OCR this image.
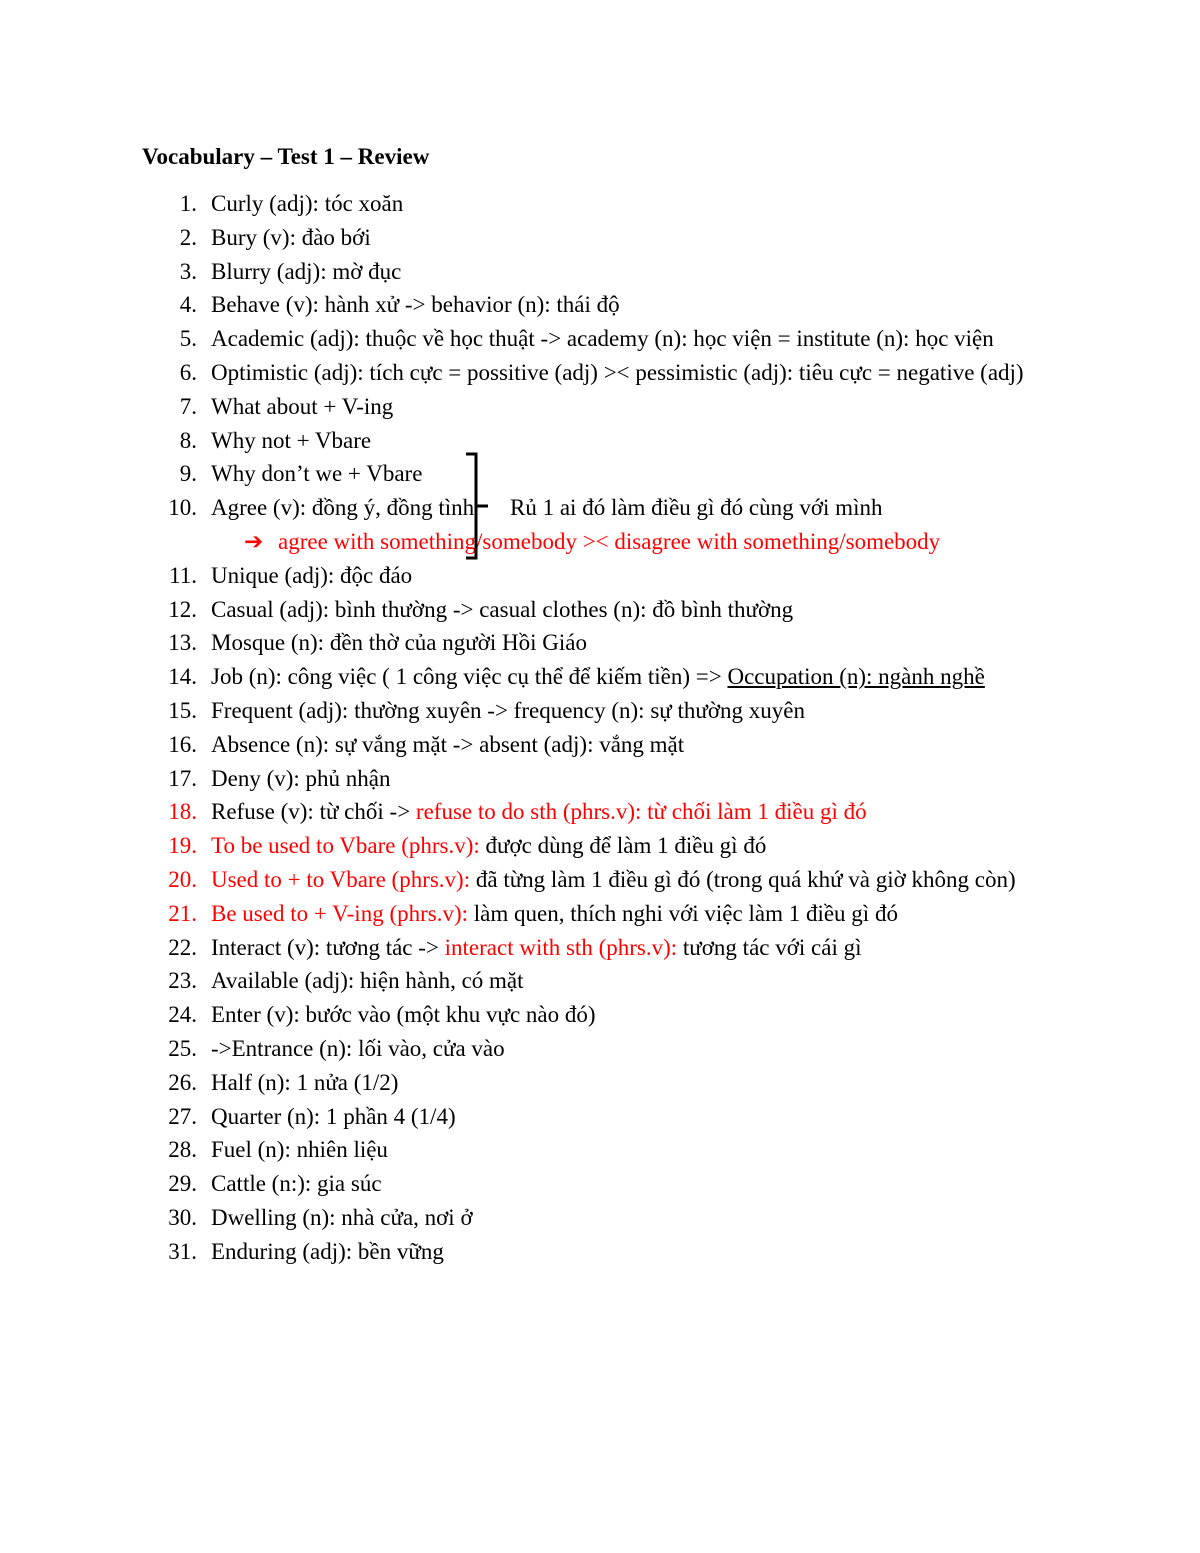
Vocabulary – Test 1 – Review
1. Curly (adj): tóc xoăn
2. Bury (v): đào bới
3. Blurry (adj): mờ đục
4. Behave (v): hành xử -> behavior (n): thái độ
5. Academic (adj): thuộc về học thuật -> academy (n): học viện = institute (n): học viện
6. Optimistic (adj): tích cực = possitive (adj) >< pessimistic (adj): tiêu cực = negative (adj)
7. What about + V-ing
8. Why not + Vbare
9. Why don’t we + Vbare
10. Agree (v): đồng ý, đồng tình
➔ agree with something/somebody >< disagree with something/somebody
11. Unique (adj): độc đáo
12. Casual (adj): bình thường -> casual clothes (n): đồ bình thường
13. Mosque (n): đền thờ của người Hồi Giáo
14. Job (n): công việc ( 1 công việc cụ thể để kiếm tiền) => Occupation (n): ngành nghề
15. Frequent (adj): thường xuyên -> frequency (n): sự thường xuyên
16. Absence (n): sự vắng mặt -> absent (adj): vắng mặt
17. Deny (v): phủ nhận
18. Refuse (v): từ chối -> refuse to do sth (phrs.v): từ chối làm 1 điều gì đó
19. To be used to Vbare (phrs.v): được dùng để làm 1 điều gì đó
20. Used to + to Vbare (phrs.v): đã từng làm 1 điều gì đó (trong quá khứ và giờ không còn)
21. Be used to + V-ing (phrs.v): làm quen, thích nghi với việc làm 1 điều gì đó
22. Interact (v): tương tác -> interact with sth (phrs.v): tương tác với cái gì
23. Available (adj): hiện hành, có mặt
24. Enter (v): bước vào (một khu vực nào đó)
25. ->Entrance (n): lối vào, cửa vào
26. Half (n): 1 nửa (1/2)
27. Quarter (n): 1 phần 4 (1/4)
28. Fuel (n): nhiên liệu
29. Cattle (n:): gia súc
30. Dwelling (n): nhà cửa, nơi ở
31. Enduring (adj): bền vững
Rủ 1 ai đó làm điều gì đó cùng với mình
